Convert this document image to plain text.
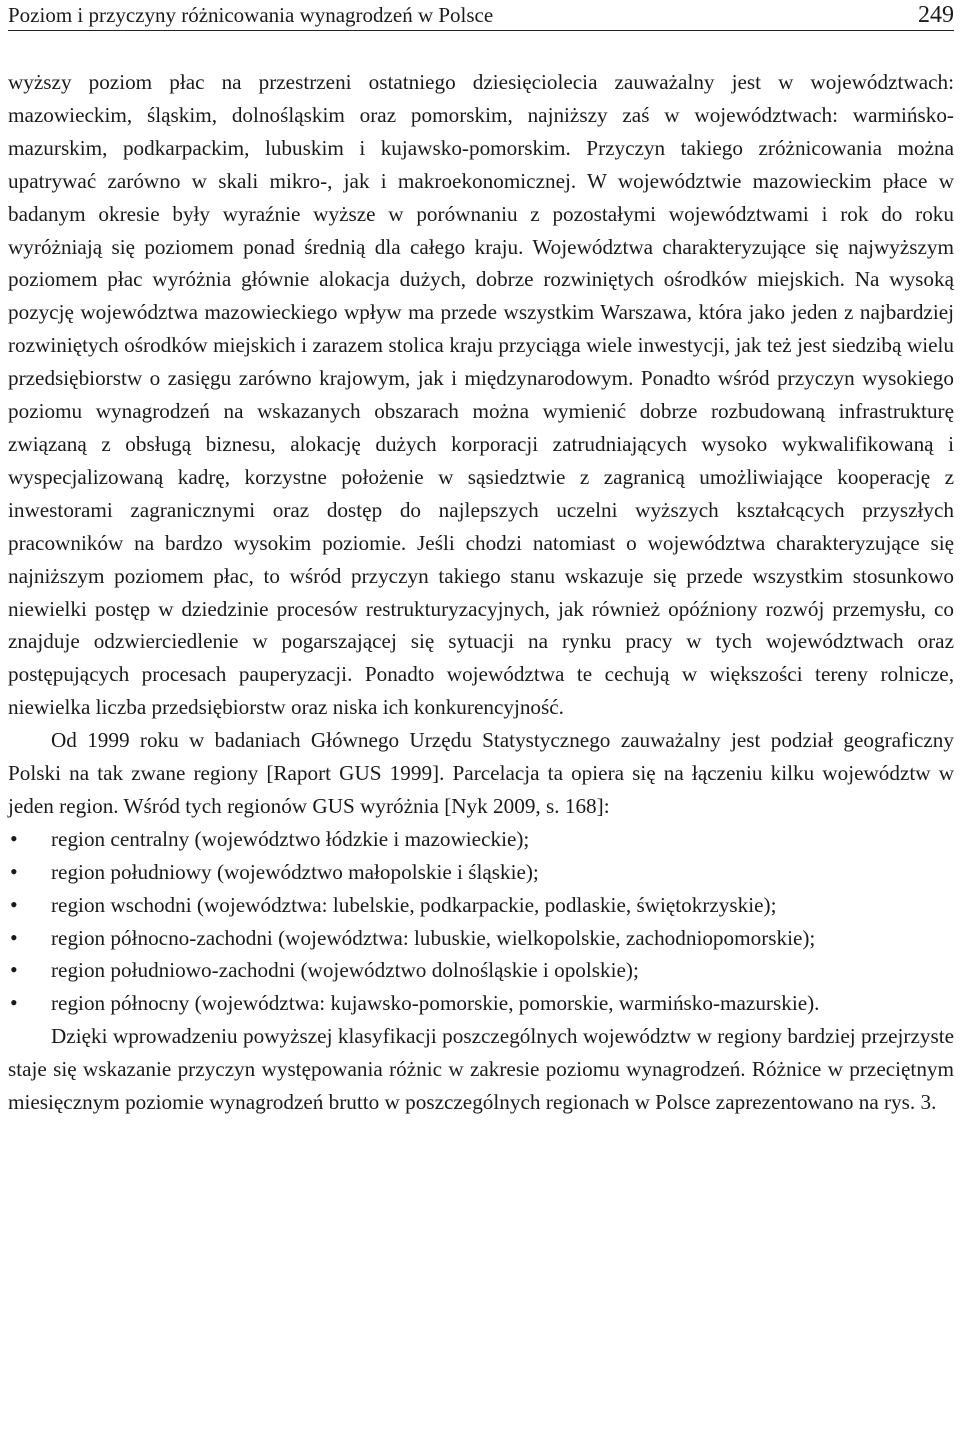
Poziom i przyczyny różnicowania wynagrodzeń w Polsce	249

wyższy poziom płac na przestrzeni ostatniego dziesięciolecia zauważalny jest w województwach: mazowieckim, śląskim, dolnośląskim oraz pomorskim, najniższy zaś w województwach: warmińsko-mazurskim, podkarpackim, lubuskim i kujawsko-pomorskim. Przyczyn takiego zróżnicowania można upatrywać zarówno w skali mikro-, jak i makroekonomicznej. W województwie mazowieckim płace w badanym okresie były wyraźnie wyższe w porównaniu z pozostałymi województwami i rok do roku wyróżniają się poziomem ponad średnią dla całego kraju. Województwa charakteryzujące się najwyższym poziomem płac wyróżnia głównie alokacja dużych, dobrze rozwiniętych ośrodków miejskich. Na wysoką pozycję województwa mazowieckiego wpływ ma przede wszystkim Warszawa, która jako jeden z najbardziej rozwiniętych ośrodków miejskich i zarazem stolica kraju przyciąga wiele inwestycji, jak też jest siedzibą wielu przedsiębiorstw o zasięgu zarówno krajowym, jak i międzynarodowym. Ponadto wśród przyczyn wysokiego poziomu wynagrodzeń na wskazanych obszarach można wymienić dobrze rozbudowaną infrastrukturę związaną z obsługą biznesu, alokację dużych korporacji zatrudniających wysoko wykwalifikowaną i wyspecjalizowaną kadrę, korzystne położenie w sąsiedztwie z zagranicą umożliwiające kooperację z inwestorami zagranicznymi oraz dostęp do najlepszych uczelni wyższych kształcących przyszłych pracowników na bardzo wysokim poziomie. Jeśli chodzi natomiast o województwa charakteryzujące się najniższym poziomem płac, to wśród przyczyn takiego stanu wskazuje się przede wszystkim stosunkowo niewielki postęp w dziedzinie procesów restrukturyzacyjnych, jak również opóźniony rozwój przemysłu, co znajduje odzwierciedlenie w pogarszającej się sytuacji na rynku pracy w tych województwach oraz postępujących procesach pauperyzacji. Ponadto województwa te cechują w większości tereny rolnicze, niewielka liczba przedsiębiorstw oraz niska ich konkurencyjność.

Od 1999 roku w badaniach Głównego Urzędu Statystycznego zauważalny jest podział geograficzny Polski na tak zwane regiony [Raport GUS 1999]. Parcelacja ta opiera się na łączeniu kilku województw w jeden region. Wśród tych regionów GUS wyróżnia [Nyk 2009, s. 168]:

• region centralny (województwo łódzkie i mazowieckie);
• region południowy (województwo małopolskie i śląskie);
• region wschodni (województwa: lubelskie, podkarpackie, podlaskie, świętokrzyskie);
• region północno-zachodni (województwa: lubuskie, wielkopolskie, zachodniopomorskie);
• region południowo-zachodni (województwo dolnośląskie i opolskie);
• region północny (województwa: kujawsko-pomorskie, pomorskie, warmińsko-mazurskie).

Dzięki wprowadzeniu powyższej klasyfikacji poszczególnych województw w regiony bardziej przejrzyste staje się wskazanie przyczyn występowania różnic w zakresie poziomu wynagrodzeń. Różnice w przeciętnym miesięcznym poziomie wynagrodzeń brutto w poszczególnych regionach w Polsce zaprezentowano na rys. 3.
